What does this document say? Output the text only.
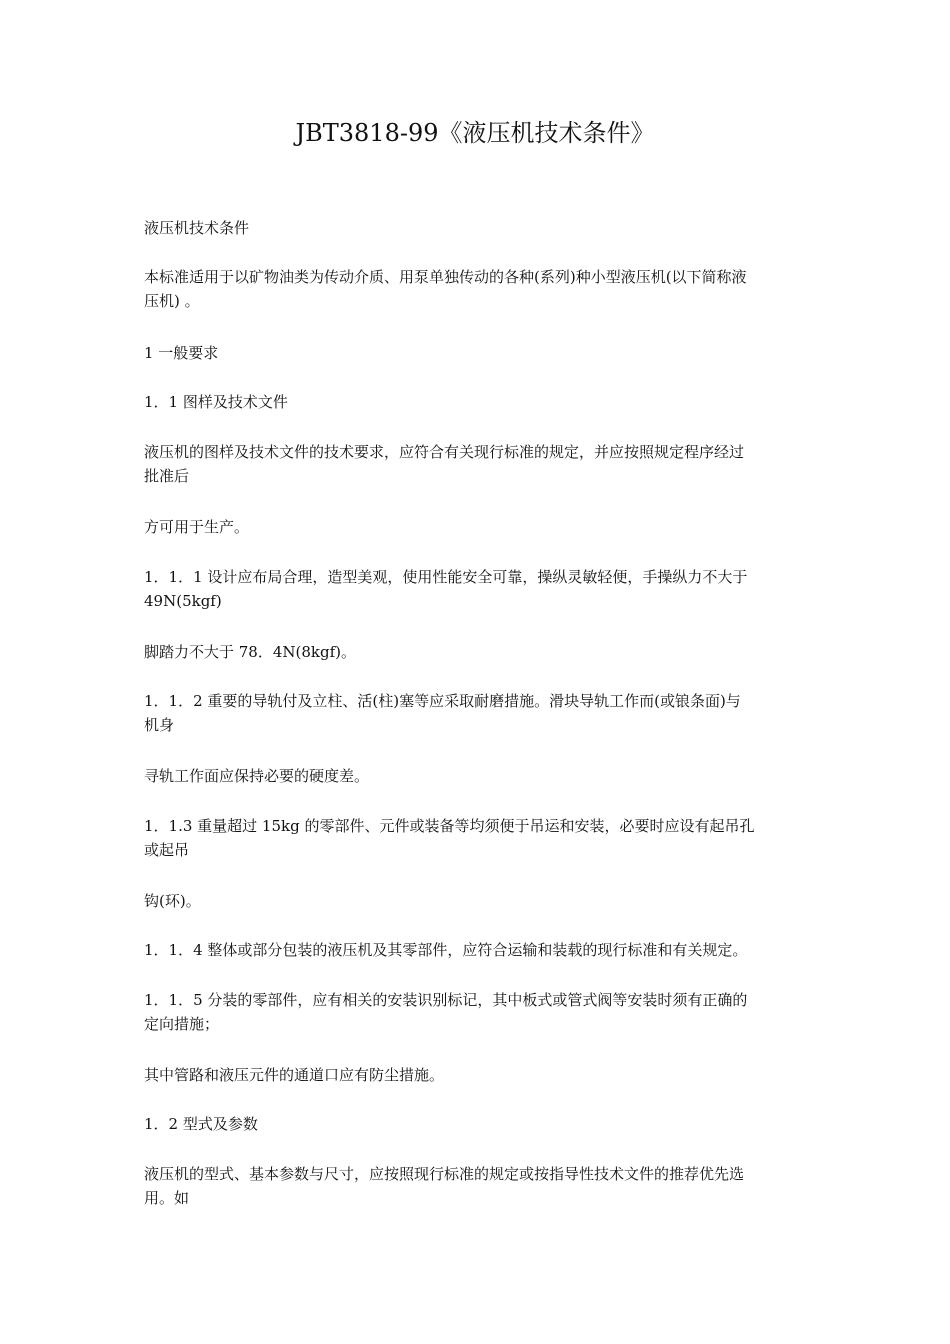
JBT3818-99《液压机技术条件》

液压机技术条件

本标准适用于以矿物油类为传动介质、用泵单独传动的各种(系列)种小型液压机(以下简称液
压机) 。

1 一般要求

1．1 图样及技术文件

液压机的图样及技术文件的技术要求，应符合有关现行标准的规定，并应按照规定程序经过
批准后

方可用于生产。

1．1．1 设计应布局合理，造型美观，使用性能安全可靠，操纵灵敏轻便，手操纵力不大于
49N(5kgf)

脚踏力不大于 78．4N(8kgf)。

1．1．2 重要的导轨付及立柱、活(柱)塞等应采取耐磨措施。滑块导轨工作而(或锒条面)与
机身

寻轨工作面应保持必要的硬度差。

1．1.3 重量超过 15kg 的零部件、元件或装备等均须便于吊运和安装，必要时应设有起吊孔
或起吊

钩(环)。

1．1．4 整体或部分包装的液压机及其零部件，应符合运输和装载的现行标准和有关规定。

1．1．5 分装的零部件，应有相关的安装识别标记，其中板式或管式阀等安装时须有正确的
定向措施；

其中管路和液压元件的通道口应有防尘措施。

1．2 型式及参数

液压机的型式、基本参数与尺寸，应按照现行标准的规定或按指导性技术文件的推荐优先选
用。如
